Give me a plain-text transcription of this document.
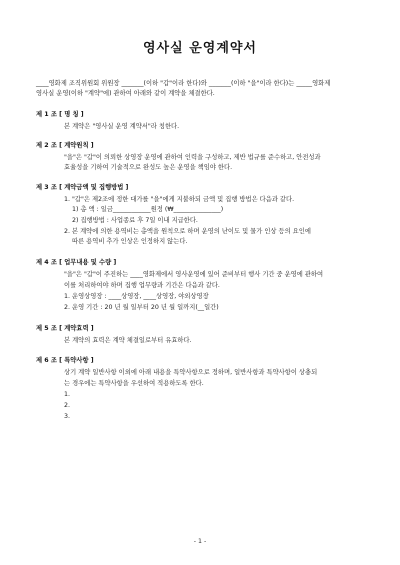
영사실 운영계약서
____영화제 조직위원회 위원장 _______(이하 "갑"이라 한다)와 _______(이하 "을"이라 한다)는 _____영화제
영사실 운영(이하 "계약"에) 관하여 아래와 같이 계약을 체결한다.
제 1 조 [ 명 칭 ]
본 계약은 "영사실 운영 계약서"라 칭한다.
제 2 조 [ 계약원칙 ]
"을"은 "갑"이 의뢰한 상영장 운영에 관하여 인력을 구성하고, 제반 법규를 준수하고, 안전성과
효율성을 기하여 기술적으로 완성도 높은 운영을 책임야 한다.
제 3 조 [ 계약금액 및 집행방법 ]
1. "갑"은 제2조에 정한 대가를 "을"에게 지불하되 금액 및 집행 방법은 다음과 같다.
1) 총 액 : 일금____________원정 (₩_______________)
2) 집행방법 : 사업종료 후 7일 이내 지급한다.
2. 본 계약에 의한 용역비는 총액을 원칙으로 하며 운영의 난이도 및 물가 인상 등의 요인에
따른 용역비 추가 인상은 인정하지 않는다.
제 4 조 [ 업무내용 및 수량 ]
"을"은 "갑"이 주진하는 ____영화제에서 영사운영에 있어 준비부터 행사 기간 중 운영에 관하여
이를 처리하여야 하며 집행 업무량과 기간은 다음과 같다.
1. 운영상영장 : ____상영장, ____상영장, 야외상영장
2. 운영 기간 : 20 년 월 일부터 20 년 월 일까지(__일간)
제 5 조 [ 계약효력 ]
본 계약의 효력은 계약 체결일로부터 유효하다.
제 6 조 [ 특약사항 ]
상기 계약 일반사항 이외에 아래 내용을 특약사항으로 정하며, 일반사항과 특약사항이 상충되
는 경우에는 특약사항을 우선하여 적용하도록 한다.
1.
2.
3.
- 1 -
